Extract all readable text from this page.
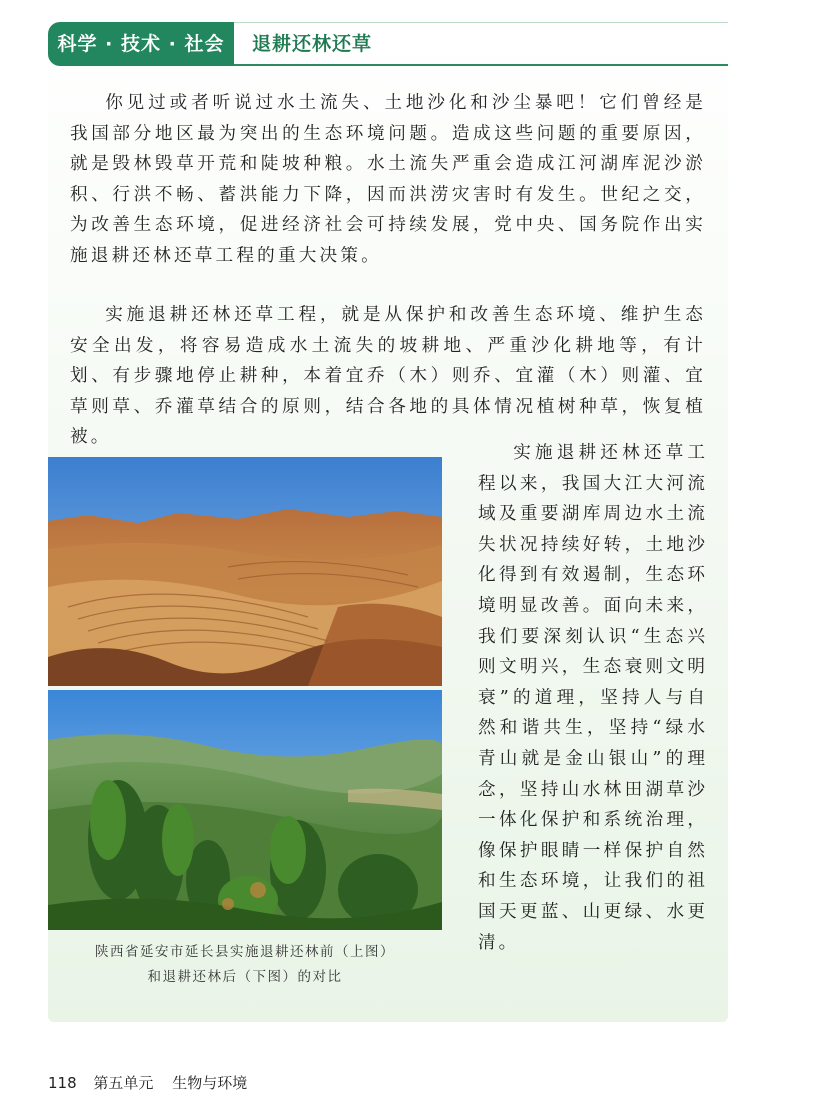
科学 · 技术 · 社会	退耕还林还草

你见过或者听说过水土流失、土地沙化和沙尘暴吧！它们曾经是我国部分地区最为突出的生态环境问题。造成这些问题的重要原因，就是毁林毁草开荒和陡坡种粮。水土流失严重会造成江河湖库泥沙淤积、行洪不畅、蓄洪能力下降，因而洪涝灾害时有发生。世纪之交，为改善生态环境，促进经济社会可持续发展，党中央、国务院作出实施退耕还林还草工程的重大决策。

实施退耕还林还草工程，就是从保护和改善生态环境、维护生态安全出发，将容易造成水土流失的坡耕地、严重沙化耕地等，有计划、有步骤地停止耕种，本着宜乔（木）则乔、宜灌（木）则灌、宜草则草、乔灌草结合的原则，结合各地的具体情况植树种草，恢复植被。

陕西省延安市延长县实施退耕还林前（上图）
和退耕还林后（下图）的对比

实施退耕还林还草工程以来，我国大江大河流域及重要湖库周边水土流失状况持续好转，土地沙化得到有效遏制，生态环境明显改善。面向未来，我们要深刻认识“生态兴则文明兴，生态衰则文明衰”的道理，坚持人与自然和谐共生，坚持“绿水青山就是金山银山”的理念，坚持山水林田湖草沙一体化保护和系统治理，像保护眼睛一样保护自然和生态环境，让我们的祖国天更蓝、山更绿、水更清。

118 第五单元 生物与环境
